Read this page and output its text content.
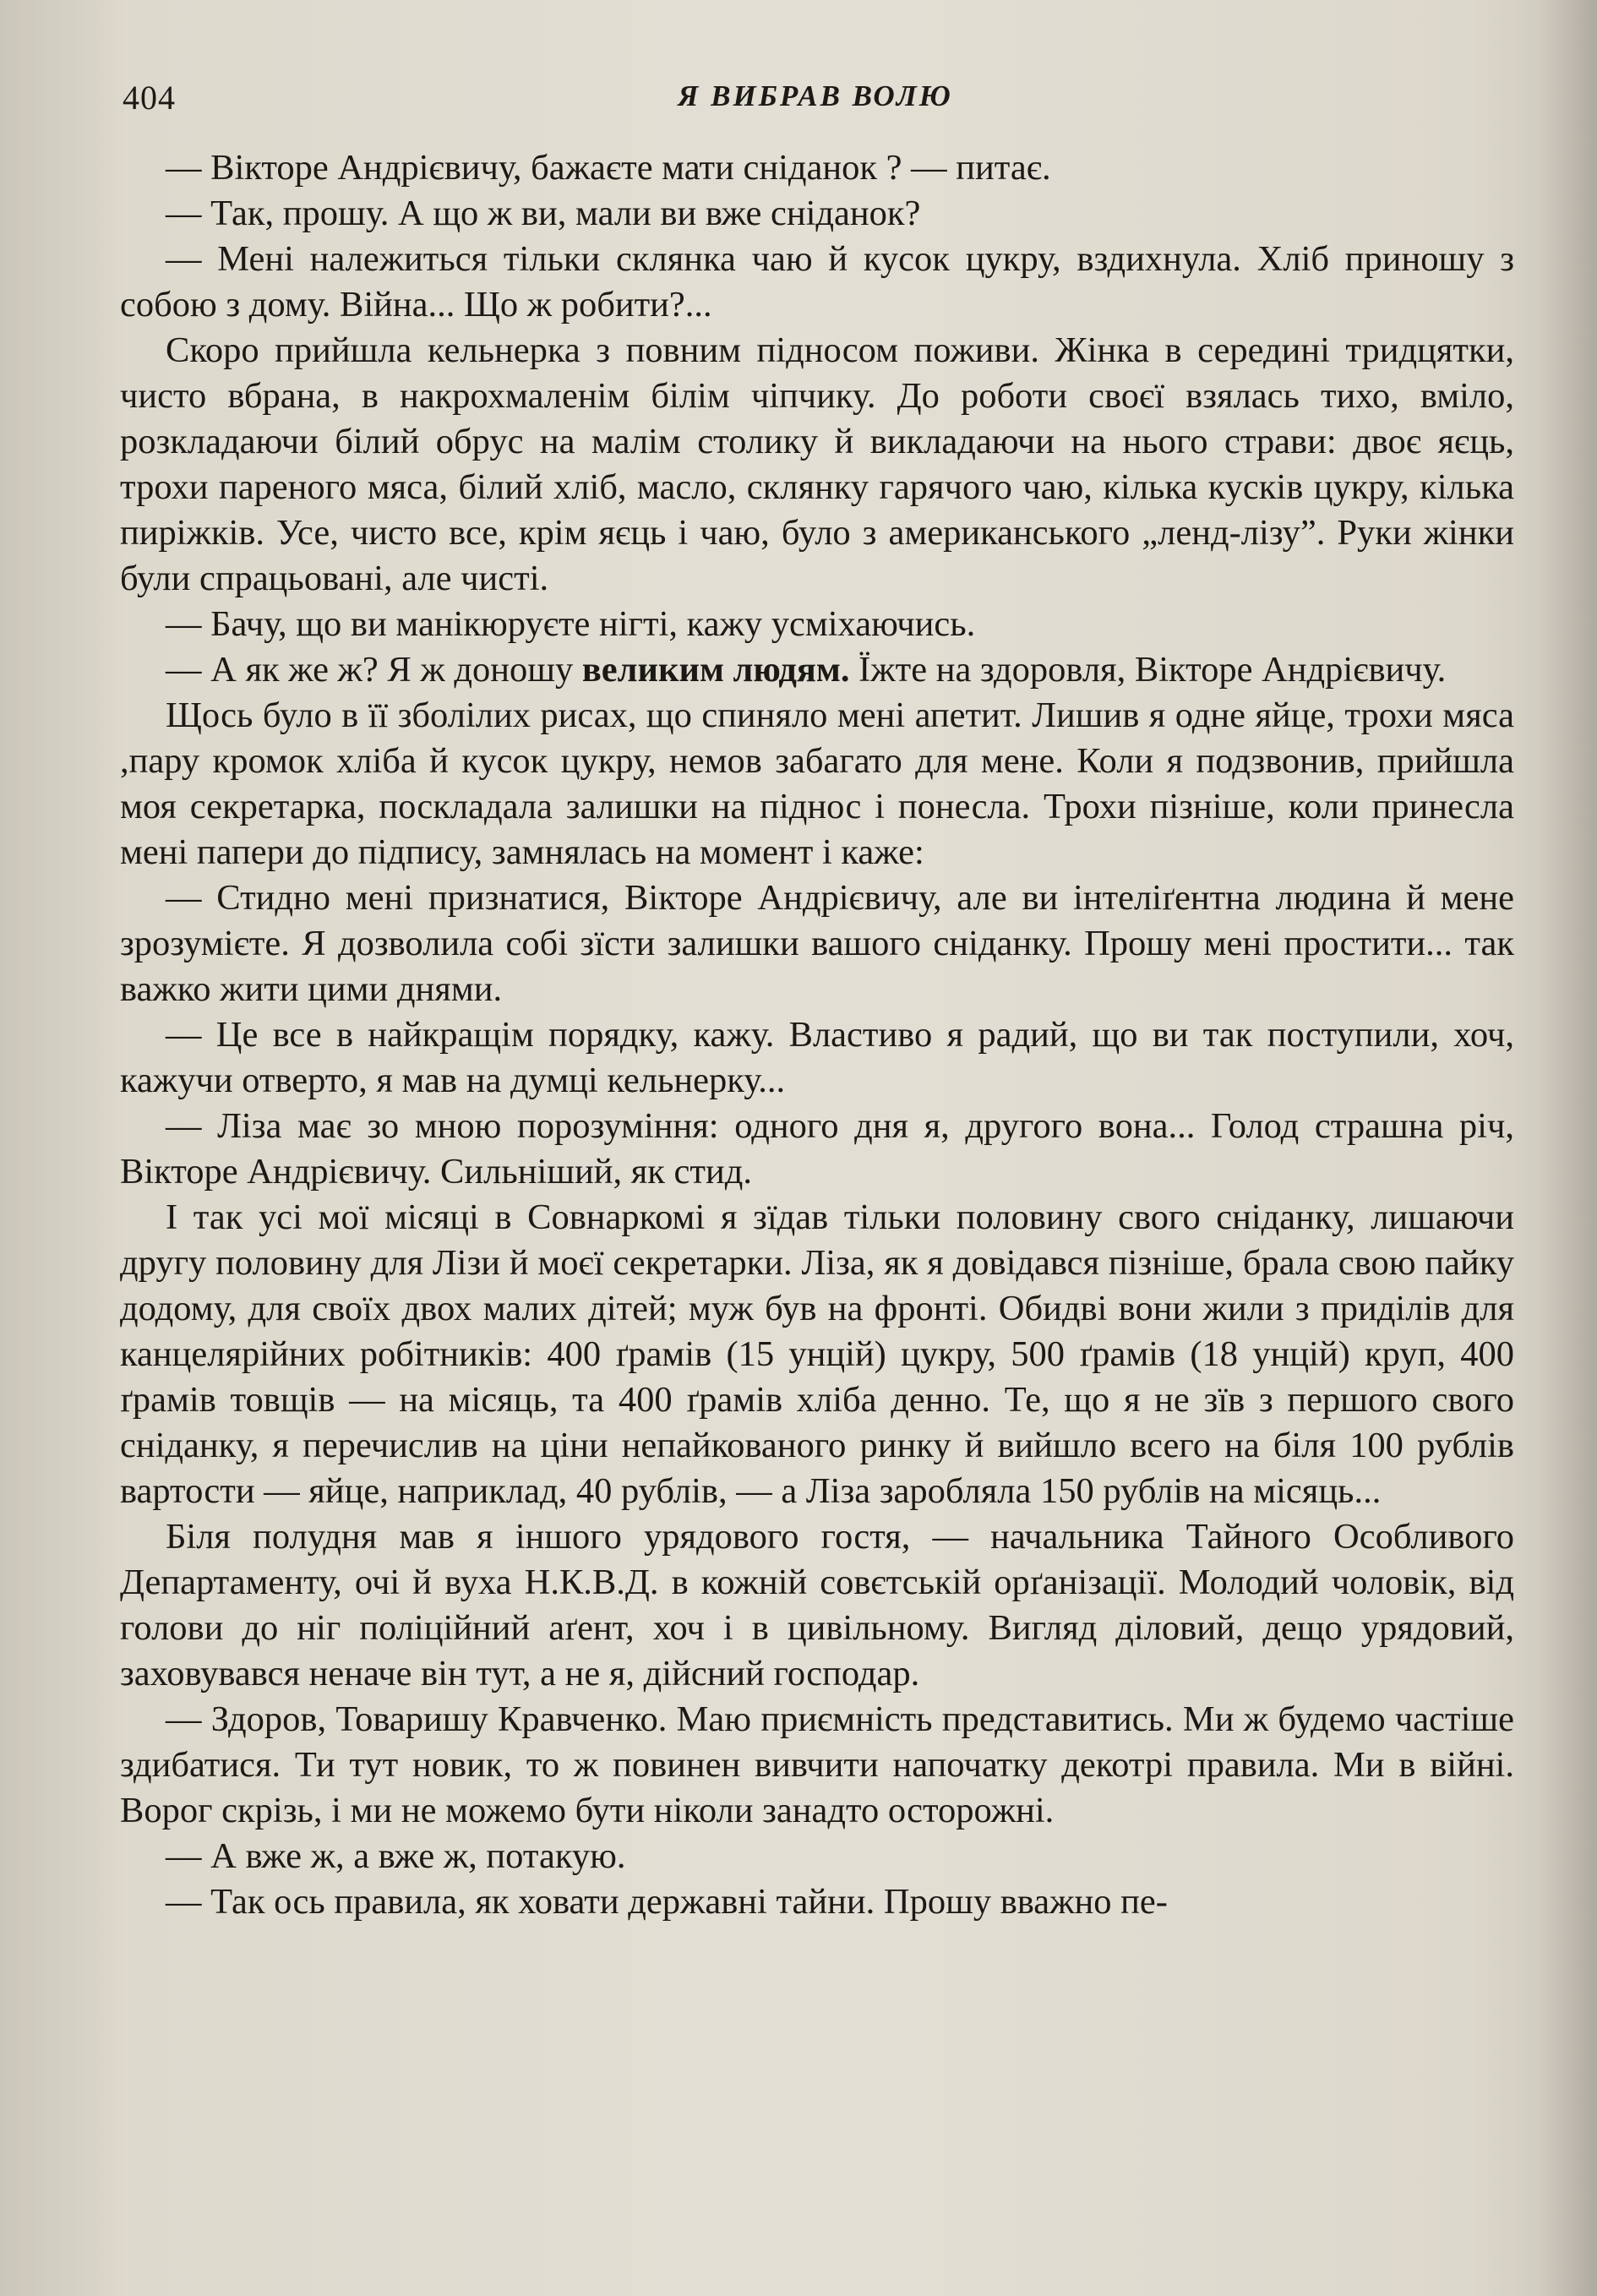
404	Я ВИБРАВ ВОЛЮ

— Вікторе Андрієвичу, бажаєте мати сніданок ? — питає.

— Так, прошу. А що ж ви, мали ви вже сніданок?

— Мені належиться тільки склянка чаю й кусок цукру, вздихнула. Хліб приношу з собою з дому. Війна... Що ж робити?...

Скоро прийшла кельнерка з повним підносом поживи. Жінка в середині тридцятки, чисто вбрана, в накрохмаленім білім чіпчику. До роботи своєї взялась тихо, вміло, розкладаючи білий обрус на малім столику й викладаючи на нього страви: двоє яєць, трохи пареного мяса, білий хліб, масло, склянку гарячого чаю, кілька кусків цукру, кілька пиріжків. Усе, чисто все, крім яєць і чаю, було з американського „ленд-лізу”. Руки жінки були спрацьовані, але чисті.

— Бачу, що ви манікюруєте нігті, кажу усміхаючись.

— А як же ж? Я ж доношу великим людям. Їжте на здоровля, Вікторе Андрієвичу.

Щось було в її зболілих рисах, що спиняло мені апетит. Лишив я одне яйце, трохи мяса ,пару кромок хліба й кусок цукру, немов забагато для мене. Коли я подзвонив, прийшла моя секретарка, поскладала залишки на піднос і понесла. Трохи пізніше, коли принесла мені папери до підпису, замнялась на момент і каже:

— Стидно мені признатися, Вікторе Андрієвичу, але ви інтеліґентна людина й мене зрозумієте. Я дозволила собі зїсти залишки вашого сніданку. Прошу мені простити... так важко жити цими днями.

— Це все в найкращім порядку, кажу. Властиво я радий, що ви так поступили, хоч, кажучи отверто, я мав на думці кельнерку...

— Ліза має зо мною порозуміння: одного дня я, другого вона... Голод страшна річ, Вікторе Андрієвичу. Сильніший, як стид.

І так усі мої місяці в Совнаркомі я зїдав тільки половину свого сніданку, лишаючи другу половину для Лізи й моєї секретарки. Ліза, як я довідався пізніше, брала свою пайку додому, для своїх двох малих дітей; муж був на фронті. Обидві вони жили з приділів для канцелярійних робітників: 400 ґрамів (15 унцій) цукру, 500 ґрамів (18 унцій) круп, 400 ґрамів товщів — на місяць, та 400 ґрамів хліба денно. Те, що я не зїв з першого свого сніданку, я перечислив на ціни непайкованого ринку й вийшло всего на біля 100 рублів вартости — яйце, наприклад, 40 рублів, — а Ліза заробляла 150 рублів на місяць...

Біля полудня мав я іншого урядового гостя, — начальника Тайного Особливого Департаменту, очі й вуха Н.К.В.Д. в кожній совєтській орґанізації. Молодий чоловік, від голови до ніг поліційний аґент, хоч і в цивільному. Вигляд діловий, дещо урядовий, заховувався неначе він тут, а не я, дійсний господар.

— Здоров, Товаришу Кравченко. Маю приємність представитись. Ми ж будемо частіше здибатися. Ти тут новик, то ж повинен вивчити напочатку декотрі правила. Ми в війні. Ворог скрізь, і ми не можемо бути ніколи занадто осторожні.

— А вже ж, а вже ж, потакую.

— Так ось правила, як ховати державні тайни. Прошу вважно пе-
